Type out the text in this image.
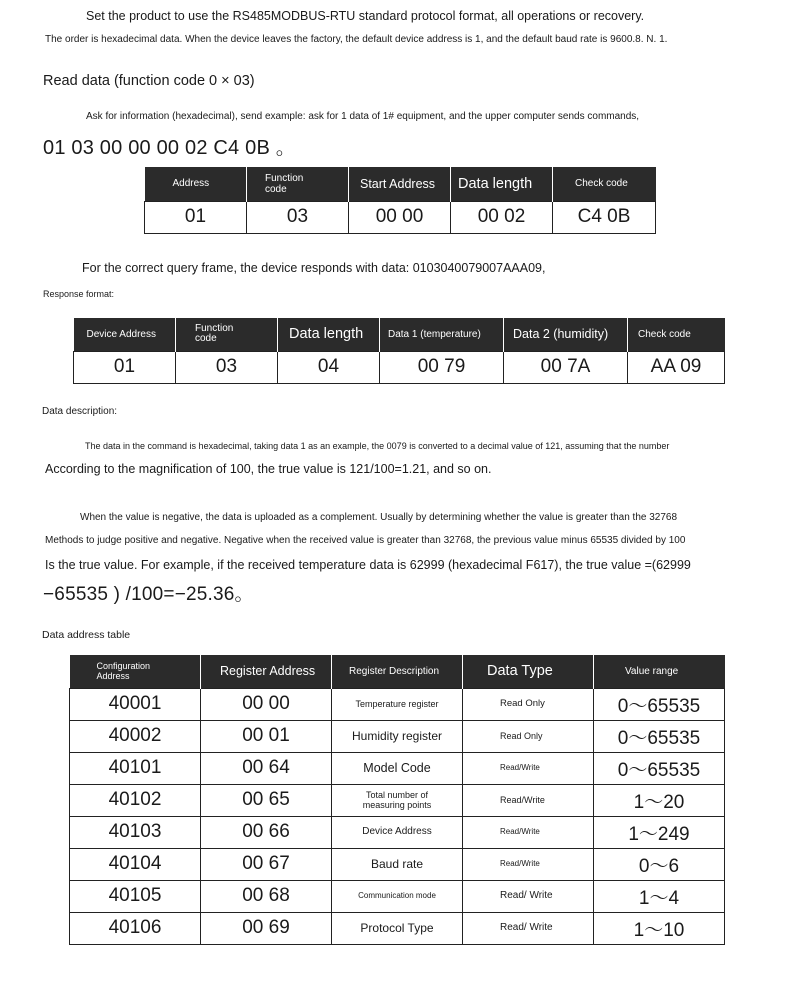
Set the product to use the RS485MODBUS-RTU standard protocol format, all operations or recovery.
The order is hexadecimal data. When the device leaves the factory, the default device address is 1, and the default baud rate is 9600.8. N. 1.
Read data (function code 0 × 03)
Ask for information (hexadecimal), send example: ask for 1 data of 1# equipment, and the upper computer sends commands,
01 03 00 00 00 02 C4 0B 。
Address	Function code	Start Address	Data length	Check code
01	03	00 00	00 02	C4 0B
For the correct query frame, the device responds with data: 0103040079007AAA09,
Response format:
Device Address	Function code	Data length	Data 1 (temperature)	Data 2 (humidity)	Check code
01	03	04	00 79	00 7A	AA 09
Data description:
The data in the command is hexadecimal, taking data 1 as an example, the 0079 is converted to a decimal value of 121, assuming that the number
According to the magnification of 100, the true value is 121/100=1.21, and so on.
When the value is negative, the data is uploaded as a complement. Usually by determining whether the value is greater than the 32768
Methods to judge positive and negative. Negative when the received value is greater than 32768, the previous value minus 65535 divided by 100
Is the true value. For example, if the received temperature data is 62999 (hexadecimal F617), the true value =(62999
−65535 ) /100=−25.36。
Data address table
Configuration Address	Register Address	Register Description	Data Type	Value range
40001	00 00	Temperature register	Read Only	0～65535
40002	00 01	Humidity register	Read Only	0～65535
40101	00 64	Model Code	Read/Write	0～65535
40102	00 65	Total number of measuring points	Read/Write	1～20
40103	00 66	Device Address	Read/Write	1～249
40104	00 67	Baud rate	Read/Write	0～6
40105	00 68	Communication mode	Read/ Write	1～4
40106	00 69	Protocol Type	Read/ Write	1～10
